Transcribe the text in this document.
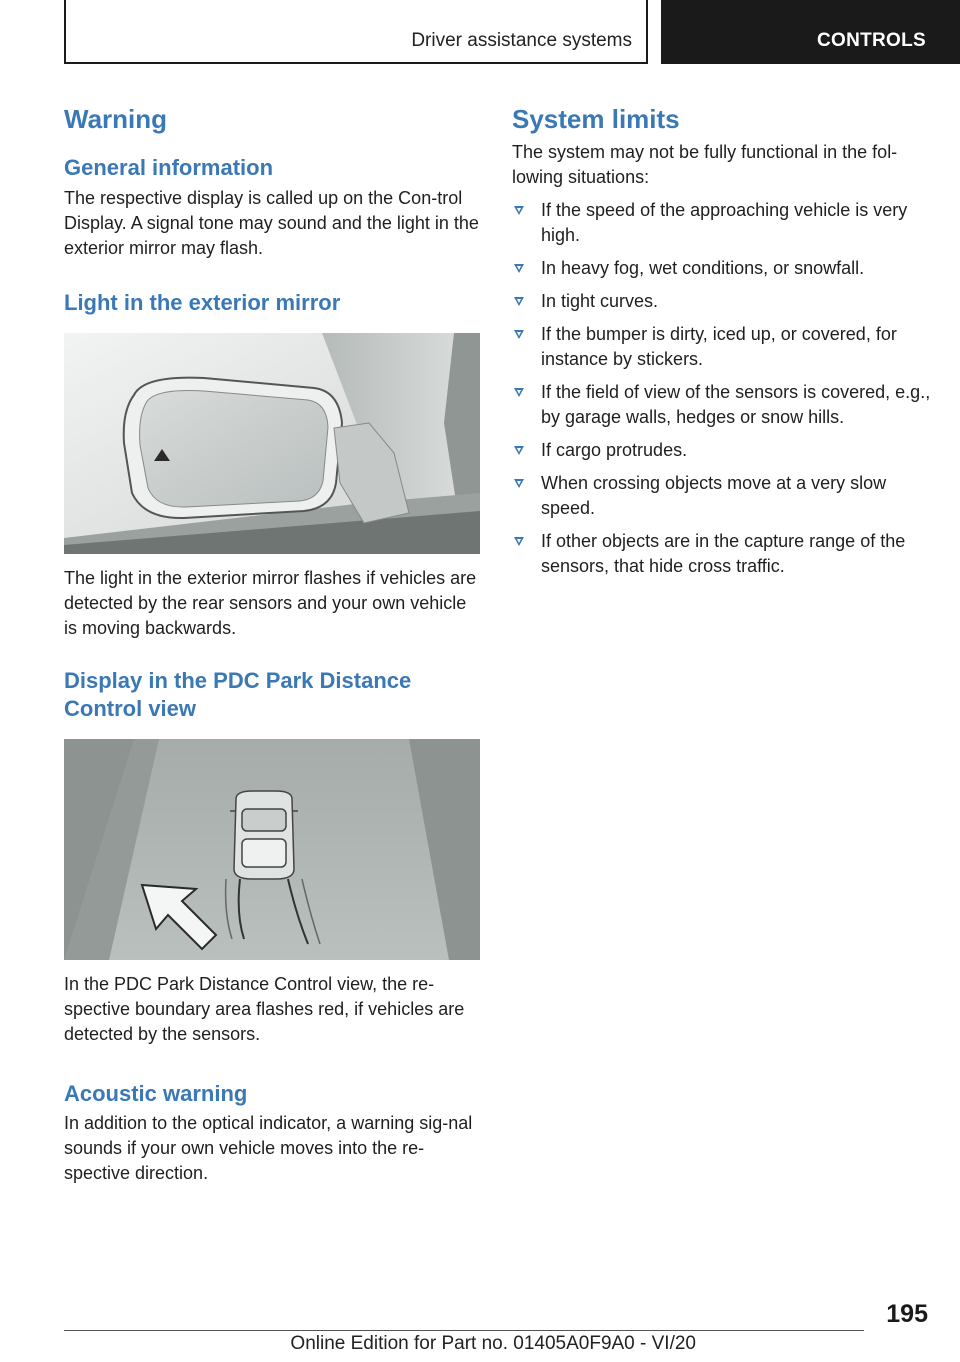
Driver assistance systems	CONTROLS
Warning
General information

The respective display is called up on the Con-trol Display. A signal tone may sound and the light in the exterior mirror may flash.

Light in the exterior mirror

The light in the exterior mirror flashes if vehicles are detected by the rear sensors and your own vehicle is moving backwards.

Display in the PDC Park Distance Control view

In the PDC Park Distance Control view, the re-spective boundary area flashes red, if vehicles are detected by the sensors.

Acoustic warning

In addition to the optical indicator, a warning sig-nal sounds if your own vehicle moves into the re-spective direction.

System limits

The system may not be fully functional in the fol-lowing situations:

If the speed of the approaching vehicle is very high.
In heavy fog, wet conditions, or snowfall.
In tight curves.
If the bumper is dirty, iced up, or covered, for instance by stickers.
If the field of view of the sensors is covered, e.g., by garage walls, hedges or snow hills.
If cargo protrudes.
When crossing objects move at a very slow speed.
If other objects are in the capture range of the sensors, that hide cross traffic.
195
Online Edition for Part no. 01405A0F9A0 - VI/20
